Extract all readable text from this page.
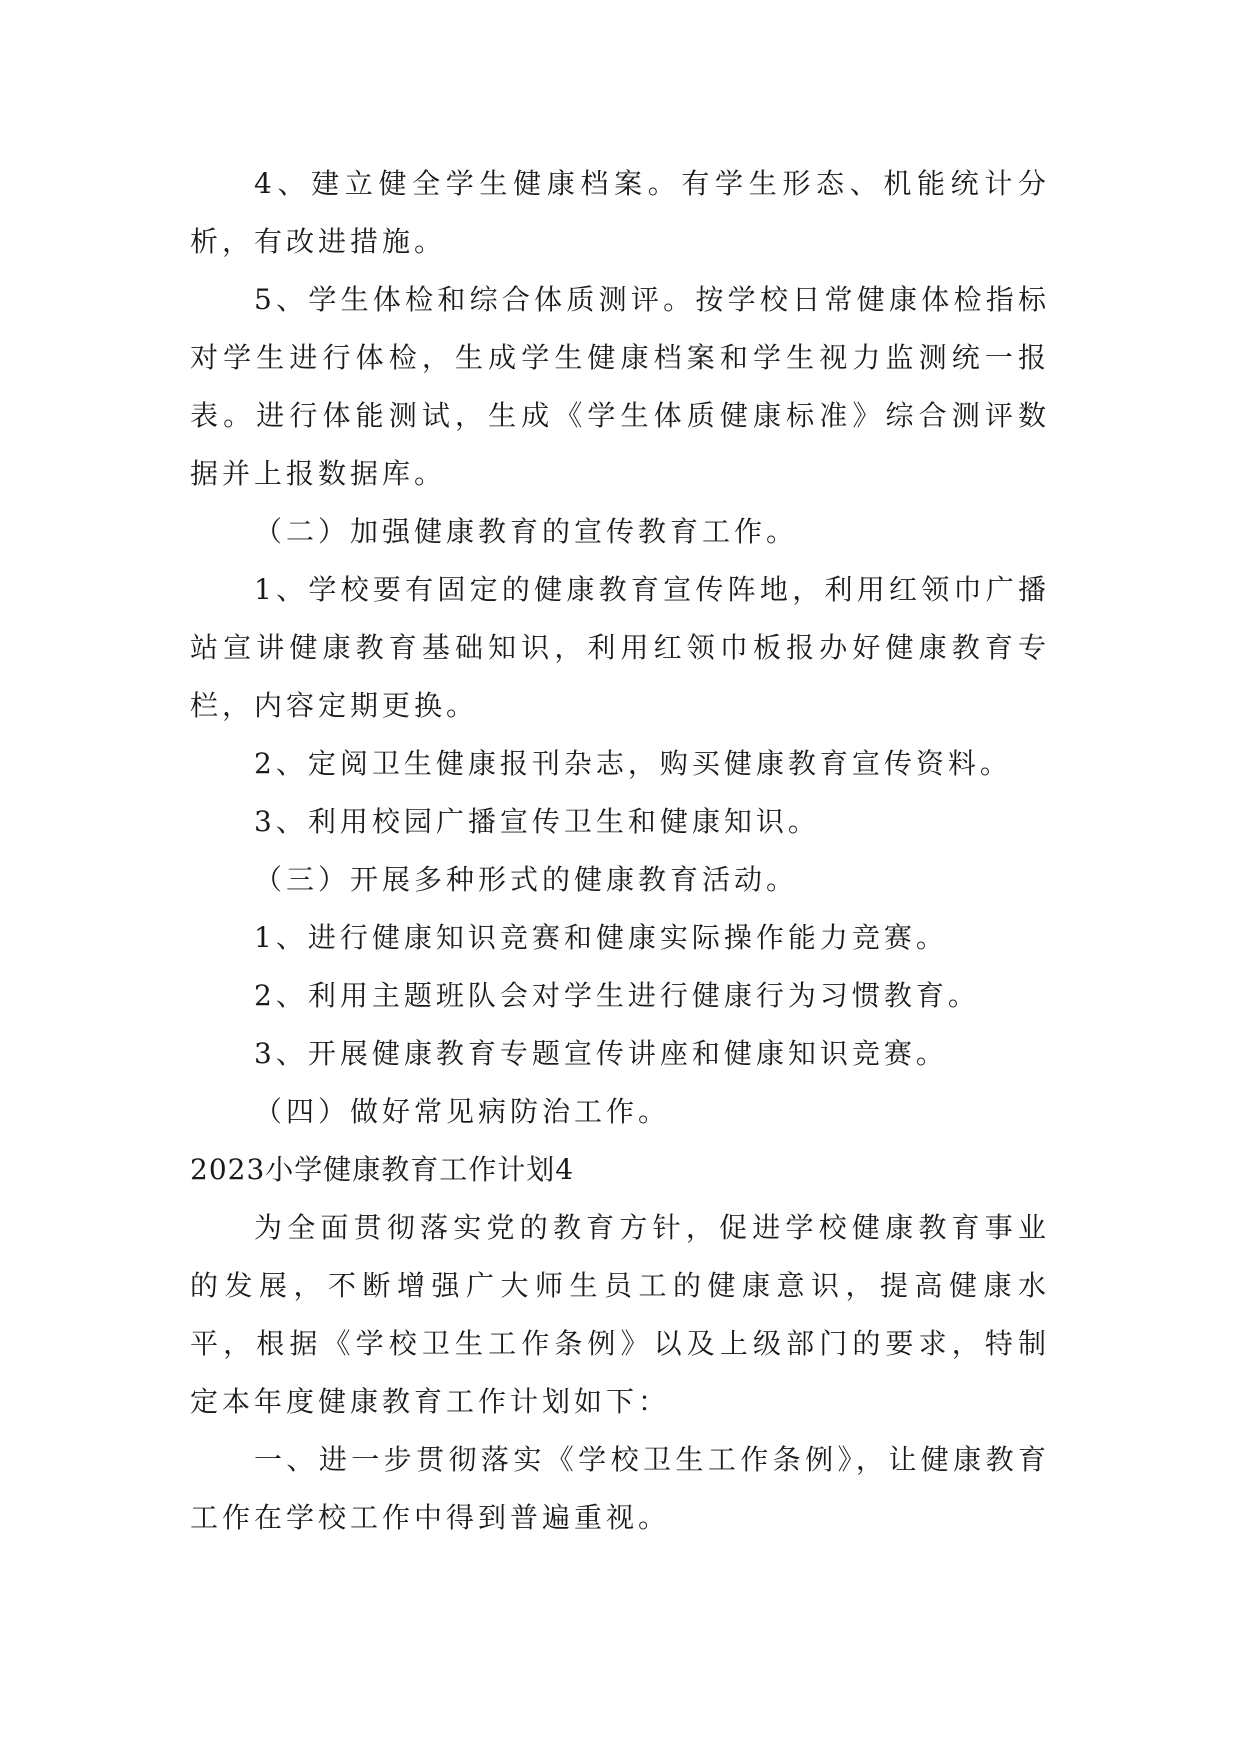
4、建立健全学生健康档案。有学生形态、机能统计分析，有改进措施。

5、学生体检和综合体质测评。按学校日常健康体检指标对学生进行体检，生成学生健康档案和学生视力监测统一报表。进行体能测试，生成《学生体质健康标准》综合测评数据并上报数据库。

（二）加强健康教育的宣传教育工作。

1、学校要有固定的健康教育宣传阵地，利用红领巾广播站宣讲健康教育基础知识，利用红领巾板报办好健康教育专栏，内容定期更换。

2、定阅卫生健康报刊杂志，购买健康教育宣传资料。

3、利用校园广播宣传卫生和健康知识。

（三）开展多种形式的健康教育活动。

1、进行健康知识竞赛和健康实际操作能力竞赛。

2、利用主题班队会对学生进行健康行为习惯教育。

3、开展健康教育专题宣传讲座和健康知识竞赛。

（四）做好常见病防治工作。

2023小学健康教育工作计划4

为全面贯彻落实党的教育方针，促进学校健康教育事业的发展，不断增强广大师生员工的健康意识，提高健康水平，根据《学校卫生工作条例》以及上级部门的要求，特制定本年度健康教育工作计划如下：

一、进一步贯彻落实《学校卫生工作条例》，让健康教育工作在学校工作中得到普遍重视。
